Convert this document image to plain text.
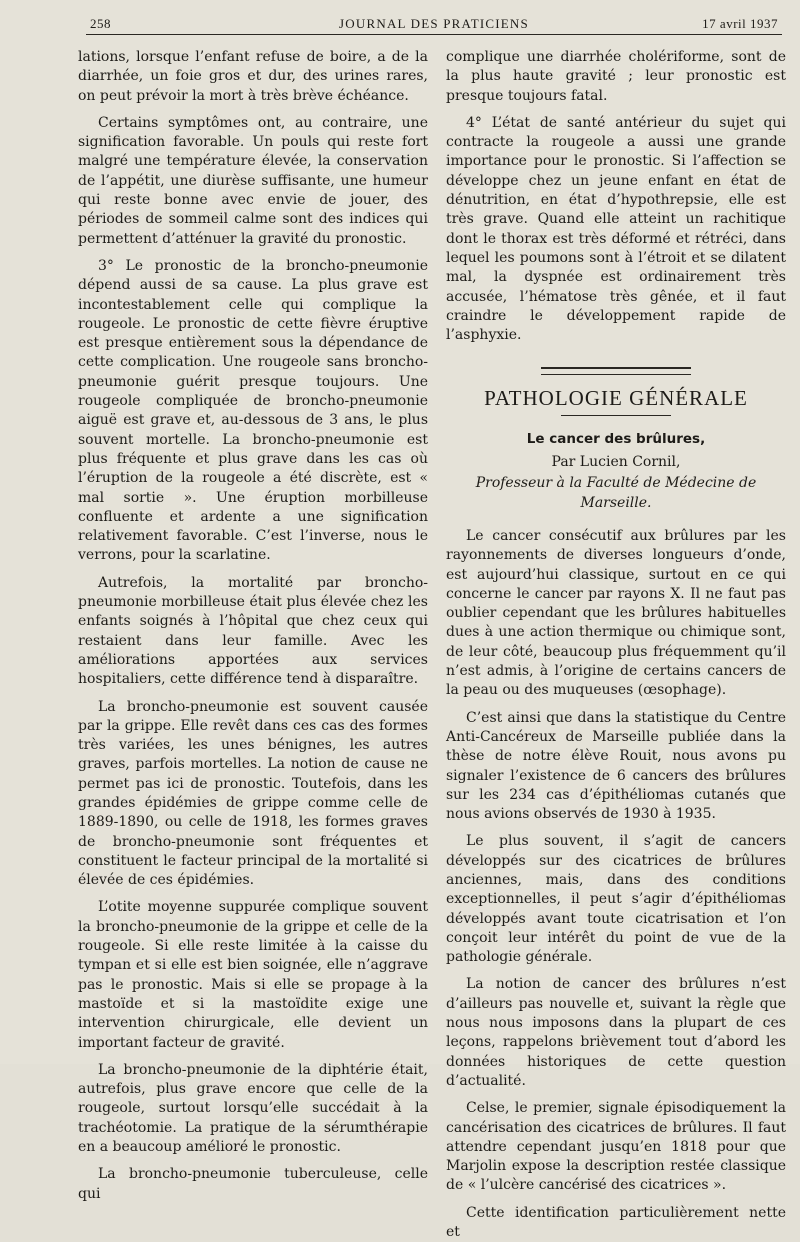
258	JOURNAL DES PRATICIENS	17 avril 1937

lations, lorsque l’enfant refuse de boire, a de la diarrhée, un foie gros et dur, des urines rares, on peut prévoir la mort à très brève échéance.

Certains symptômes ont, au contraire, une signification favorable. Un pouls qui reste fort malgré une température élevée, la conservation de l’appétit, une diurèse suffisante, une humeur qui reste bonne avec envie de jouer, des périodes de sommeil calme sont des indices qui permettent d’atténuer la gravité du pronostic.

3° Le pronostic de la broncho-pneumonie dépend aussi de sa cause. La plus grave est incontestablement celle qui complique la rougeole. Le pronostic de cette fièvre éruptive est presque entièrement sous la dépendance de cette complication. Une rougeole sans broncho-pneumonie guérit presque toujours. Une rougeole compliquée de broncho-pneumonie aiguë est grave et, au-dessous de 3 ans, le plus souvent mortelle. La broncho-pneumonie est plus fréquente et plus grave dans les cas où l’éruption de la rougeole a été discrète, est « mal sortie ». Une éruption morbilleuse confluente et ardente a une signification relativement favorable. C’est l’inverse, nous le verrons, pour la scarlatine.

Autrefois, la mortalité par broncho-pneumonie morbilleuse était plus élevée chez les enfants soignés à l’hôpital que chez ceux qui restaient dans leur famille. Avec les améliorations apportées aux services hospitaliers, cette différence tend à disparaître.

La broncho-pneumonie est souvent causée par la grippe. Elle revêt dans ces cas des formes très variées, les unes bénignes, les autres graves, parfois mortelles. La notion de cause ne permet pas ici de pronostic. Toutefois, dans les grandes épidémies de grippe comme celle de 1889-1890, ou celle de 1918, les formes graves de broncho-pneumonie sont fréquentes et constituent le facteur principal de la mortalité si élevée de ces épidémies.

L’otite moyenne suppurée complique souvent la broncho-pneumonie de la grippe et celle de la rougeole. Si elle reste limitée à la caisse du tympan et si elle est bien soignée, elle n’aggrave pas le pronostic. Mais si elle se propage à la mastoïde et si la mastoïdite exige une intervention chirurgicale, elle devient un important facteur de gravité.

La broncho-pneumonie de la diphtérie était, autrefois, plus grave encore que celle de la rougeole, surtout lorsqu’elle succédait à la trachéotomie. La pratique de la sérumthérapie en a beaucoup amélioré le pronostic.

La broncho-pneumonie tuberculeuse, celle qui

complique une diarrhée cholériforme, sont de la plus haute gravité ; leur pronostic est presque toujours fatal.

4° L’état de santé antérieur du sujet qui contracte la rougeole a aussi une grande importance pour le pronostic. Si l’affection se développe chez un jeune enfant en état de dénutrition, en état d’hypothrepsie, elle est très grave. Quand elle atteint un rachitique dont le thorax est très déformé et rétréci, dans lequel les poumons sont à l’étroit et se dilatent mal, la dyspnée est ordinairement très accusée, l’hématose très gênée, et il faut craindre le développement rapide de l’asphyxie.

PATHOLOGIE GÉNÉRALE
Le cancer des brûlures,
Par Lucien Cornil,
Professeur à la Faculté de Médecine de Marseille.

Le cancer consécutif aux brûlures par les rayonnements de diverses longueurs d’onde, est aujourd’hui classique, surtout en ce qui concerne le cancer par rayons X. Il ne faut pas oublier cependant que les brûlures habituelles dues à une action thermique ou chimique sont, de leur côté, beaucoup plus fréquemment qu’il n’est admis, à l’origine de certains cancers de la peau ou des muqueuses (œsophage).

C’est ainsi que dans la statistique du Centre Anti-Cancéreux de Marseille publiée dans la thèse de notre élève Rouit, nous avons pu signaler l’existence de 6 cancers des brûlures sur les 234 cas d’épithéliomas cutanés que nous avions observés de 1930 à 1935.

Le plus souvent, il s’agit de cancers développés sur des cicatrices de brûlures anciennes, mais, dans des conditions exceptionnelles, il peut s’agir d’épithéliomas développés avant toute cicatrisation et l’on conçoit leur intérêt du point de vue de la pathologie générale.

La notion de cancer des brûlures n’est d’ailleurs pas nouvelle et, suivant la règle que nous nous imposons dans la plupart de ces leçons, rappelons brièvement tout d’abord les données historiques de cette question d’actualité.

Celse, le premier, signale épisodiquement la cancérisation des cicatrices de brûlures. Il faut attendre cependant jusqu’en 1818 pour que Marjolin expose la description restée classique de « l’ulcère cancérisé des cicatrices ».

Cette identification particulièrement nette et
